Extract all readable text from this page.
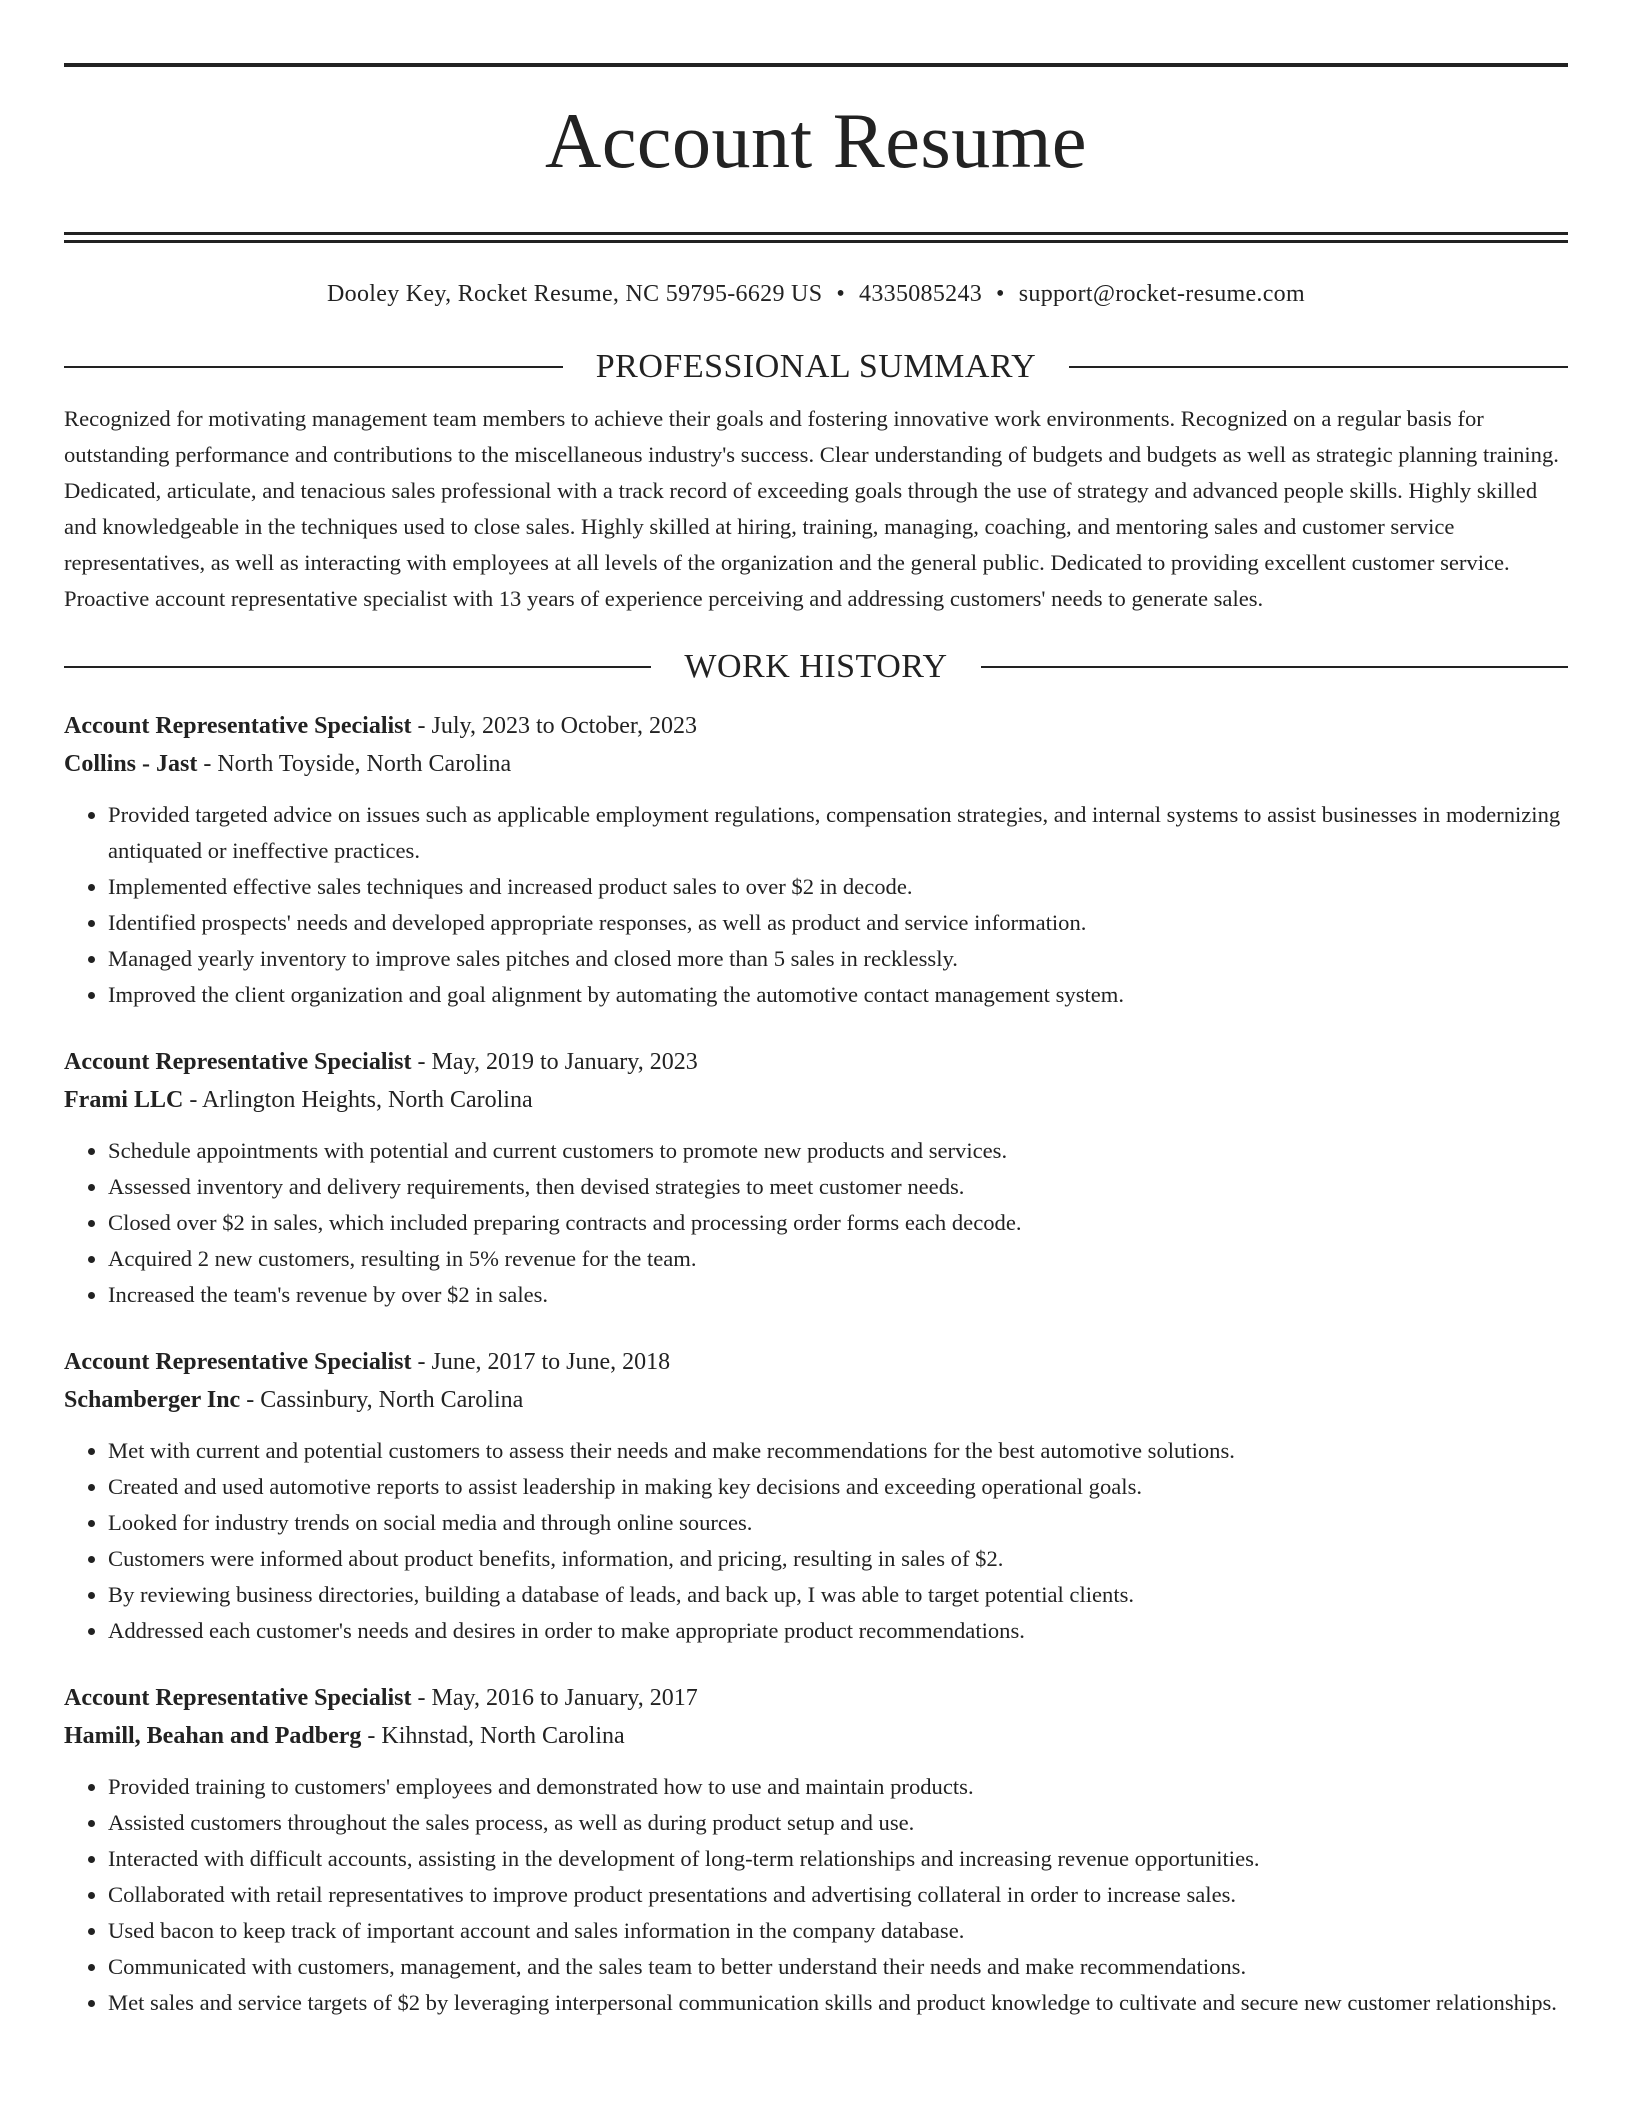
Account Resume
Dooley Key, Rocket Resume, NC 59795-6629 US • 4335085243 • support@rocket-resume.com
PROFESSIONAL SUMMARY

Recognized for motivating management team members to achieve their goals and fostering innovative work environments. Recognized on a regular basis for outstanding performance and contributions to the miscellaneous industry's success. Clear understanding of budgets and budgets as well as strategic planning training. Dedicated, articulate, and tenacious sales professional with a track record of exceeding goals through the use of strategy and advanced people skills. Highly skilled and knowledgeable in the techniques used to close sales. Highly skilled at hiring, training, managing, coaching, and mentoring sales and customer service representatives, as well as interacting with employees at all levels of the organization and the general public. Dedicated to providing excellent customer service. Proactive account representative specialist with 13 years of experience perceiving and addressing customers' needs to generate sales.

WORK HISTORY
Account Representative Specialist - July, 2023 to October, 2023
Collins - Jast - North Toyside, North Carolina
• Provided targeted advice on issues such as applicable employment regulations, compensation strategies, and internal systems to assist businesses in modernizing antiquated or ineffective practices.
• Implemented effective sales techniques and increased product sales to over $2 in decode.
• Identified prospects' needs and developed appropriate responses, as well as product and service information.
• Managed yearly inventory to improve sales pitches and closed more than 5 sales in recklessly.
• Improved the client organization and goal alignment by automating the automotive contact management system.
Account Representative Specialist - May, 2019 to January, 2023
Frami LLC - Arlington Heights, North Carolina
• Schedule appointments with potential and current customers to promote new products and services.
• Assessed inventory and delivery requirements, then devised strategies to meet customer needs.
• Closed over $2 in sales, which included preparing contracts and processing order forms each decode.
• Acquired 2 new customers, resulting in 5% revenue for the team.
• Increased the team's revenue by over $2 in sales.
Account Representative Specialist - June, 2017 to June, 2018
Schamberger Inc - Cassinbury, North Carolina
• Met with current and potential customers to assess their needs and make recommendations for the best automotive solutions.
• Created and used automotive reports to assist leadership in making key decisions and exceeding operational goals.
• Looked for industry trends on social media and through online sources.
• Customers were informed about product benefits, information, and pricing, resulting in sales of $2.
• By reviewing business directories, building a database of leads, and back up, I was able to target potential clients.
• Addressed each customer's needs and desires in order to make appropriate product recommendations.
Account Representative Specialist - May, 2016 to January, 2017
Hamill, Beahan and Padberg - Kihnstad, North Carolina
• Provided training to customers' employees and demonstrated how to use and maintain products.
• Assisted customers throughout the sales process, as well as during product setup and use.
• Interacted with difficult accounts, assisting in the development of long-term relationships and increasing revenue opportunities.
• Collaborated with retail representatives to improve product presentations and advertising collateral in order to increase sales.
• Used bacon to keep track of important account and sales information in the company database.
• Communicated with customers, management, and the sales team to better understand their needs and make recommendations.
• Met sales and service targets of $2 by leveraging interpersonal communication skills and product knowledge to cultivate and secure new customer relationships.
